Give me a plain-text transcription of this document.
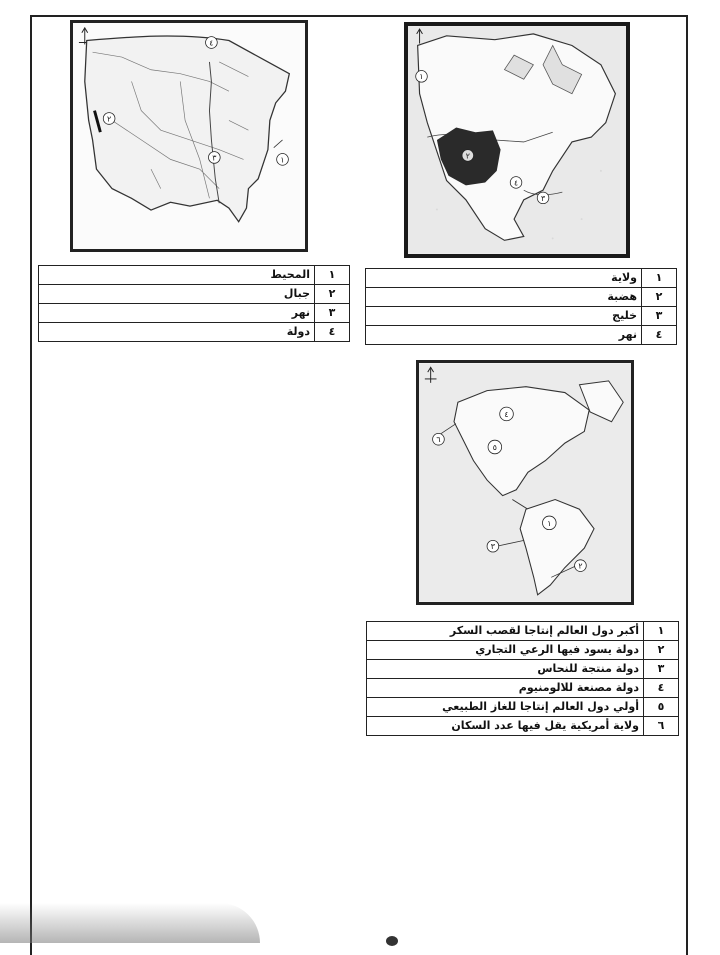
٤
٢
٣	١
١
٢
٤
٣
١	المحيط
٢	جبال
٣	نهر
٤	دولة
١	ولاية
٢	هضبة
٣	خليج
٤	نهر
٤
٦
٥
١
٣
٢
١	أكبر دول العالم إنتاجا لقصب السكر
٢	دولة يسود فيها الرعي التجاري
٣	دولة منتجة للنحاس
٤	دولة مصنعة للالومنيوم
٥	أولي دول العالم إنتاجا للغاز الطبيعي
٦	ولاية أمريكية يقل فيها عدد السكان
